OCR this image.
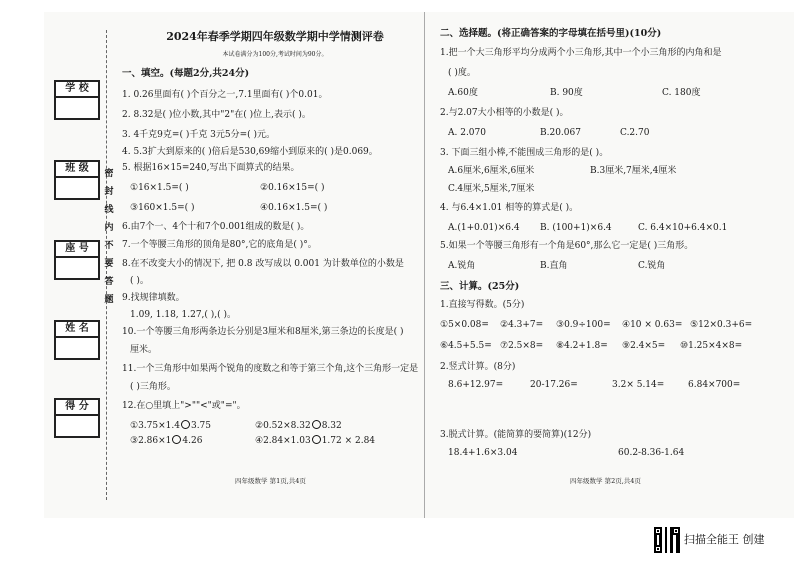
学 校
班 级
座 号
姓 名
得 分
密
封
线
内
不
要
答
题
2024年春季学期四年级数学期中学情测评卷
本试卷满分为100分,考试时间为90分。
一、填空。(每题2分,共24分)
1. 0.26里面有( )个百分之一,7.1里面有( )个0.01。
2. 8.32是( )位小数,其中"2"在( )位上,表示( )。
3. 4千克9克=( )千克 3元5分=( )元。
4. 5.3扩大到原来的( )倍后是530,69缩小到原来的( )是0.069。
5. 根据16×15=240,写出下面算式的结果。
①16×1.5=( )	②0.16×15=( )
③160×1.5=( )	④0.16×1.5=( )
6.由7个一、4个十和7个0.001组成的数是( )。
7.一个等腰三角形的顶角是80°,它的底角是( )°。
8.在不改变大小的情况下, 把 0.8 改写成以 0.001 为计数单位的小数是
( )。
9.找规律填数。
1.09, 1.18, 1.27,( ),( )。
10.一个等腰三角形两条边长分别是3厘米和8厘米,第三条边的长度是( )
厘米。
11.一个三角形中如果两个锐角的度数之和等于第三个角,这个三角形一定是
( )三角形。
12.在○里填上">""<"或"="。
①3.75×1.4 3.75	②0.52×8.32 8.32
③2.86×1 4.26	④2.84×1.03 1.72 × 2.84
四年级数学 第1页,共4页
二、选择题。(将正确答案的字母填在括号里)(10分)
1.把一个大三角形平均分成两个小三角形,其中一个小三角形的内角和是
( )度。
A.60度	B. 90度	C. 180度
2.与2.07大小相等的小数是( )。
A. 2.070	B.20.067	C.2.70
3. 下面三组小棒,不能围成三角形的是( )。
A.6厘米,6厘米,6厘米	B.3厘米,7厘米,4厘米
C.4厘米,5厘米,7厘米
4. 与6.4×1.01 相等的算式是( )。
A.(1+0.01)×6.4 B. (100+1)×6.4	C. 6.4×10+6.4×0.1
5.如果一个等腰三角形有一个角是60°,那么它一定是( )三角形。
A.锐角	B.直角	C.锐角
三、计算。(25分)
1.直接写得数。(5分)
①5×0.08= ②4.3+7= ③0.9÷100= ④10 × 0.63= ⑤12×0.3+6=
⑥4.5+5.5= ⑦2.5×8= ⑧4.2+1.8= ⑨2.4×5= ⑩1.25×4×8=
2.竖式计算。(8分)
8.6+12.97=	20-17.26=	3.2× 5.14=	6.84×700=
3.脱式计算。(能简算的要简算)(12分)
18.4+1.6×3.04	60.2-8.36-1.64
四年级数学 第2页,共4页
扫描全能王 创建
